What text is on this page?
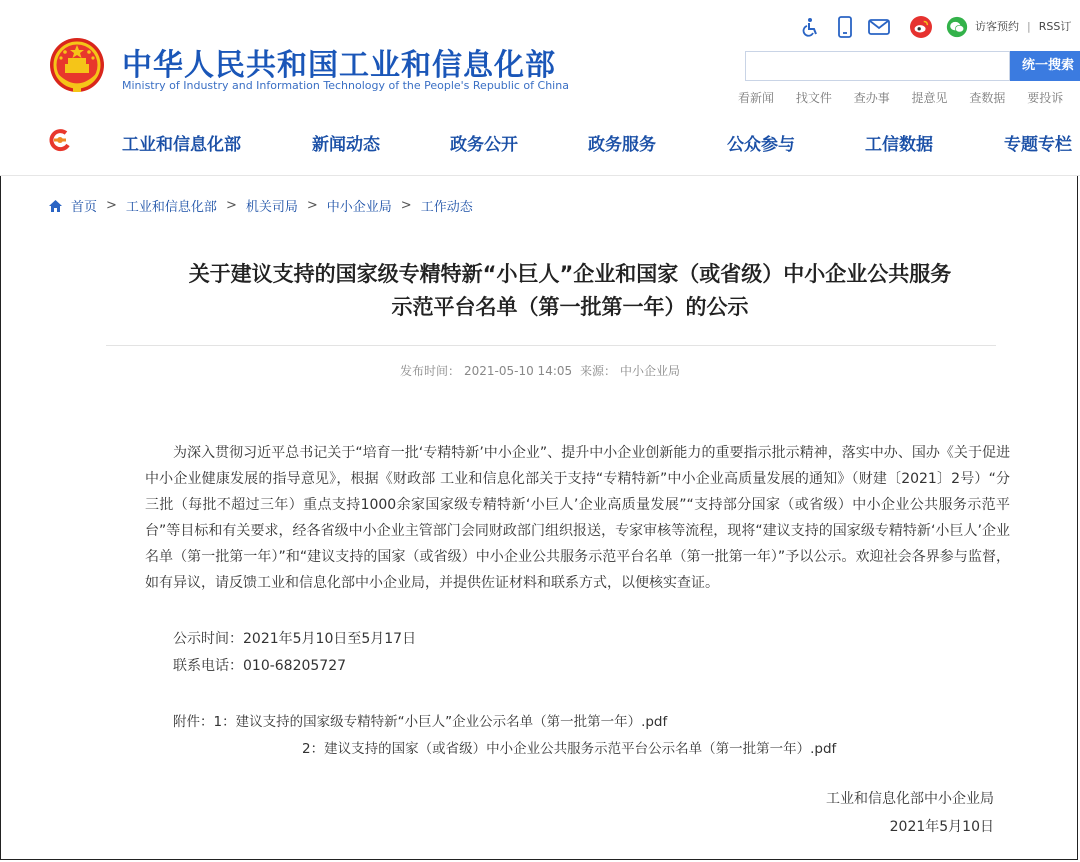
中华人民共和国工业和信息化部
Ministry of Industry and Information Technology of the People's Republic of China
访客预约 | RSS订
统一搜索
看新闻 找文件 查办事 提意见 查数据 要投诉
工业和信息化部	新闻动态	政务公开	政务服务	公众参与	工信数据	专题专栏
首页 > 工业和信息化部 > 机关司局 > 中小企业局 > 工作动态
关于建议支持的国家级专精特新“小巨人”企业和国家（或省级）中小企业公共服务
示范平台名单（第一批第一年）的公示
发布时间： 2021-05-10 14:05 来源： 中小企业局
为深入贯彻习近平总书记关于“培育一批‘专精特新’中小企业”、提升中小企业创新能力的重要指示批示精神，落实中办、国办《关于促进中小企业健康发展的指导意见》，根据《财政部 工业和信息化部关于支持“专精特新”中小企业高质量发展的通知》（财建〔2021〕2号）“分三批（每批不超过三年）重点支持1000余家国家级专精特新‘小巨人’企业高质量发展”“支持部分国家（或省级）中小企业公共服务示范平台”等目标和有关要求，经各省级中小企业主管部门会同财政部门组织报送，专家审核等流程，现将“建议支持的国家级专精特新‘小巨人’企业名单（第一批第一年）”和“建议支持的国家（或省级）中小企业公共服务示范平台名单（第一批第一年）”予以公示。欢迎社会各界参与监督，如有异议，请反馈工业和信息化部中小企业局，并提供佐证材料和联系方式，以便核实查证。
公示时间：2021年5月10日至5月17日
联系电话：010-68205727
附件：1：建议支持的国家级专精特新“小巨人”企业公示名单（第一批第一年）.pdf
2：建议支持的国家（或省级）中小企业公共服务示范平台公示名单（第一批第一年）.pdf
工业和信息化部中小企业局
2021年5月10日
